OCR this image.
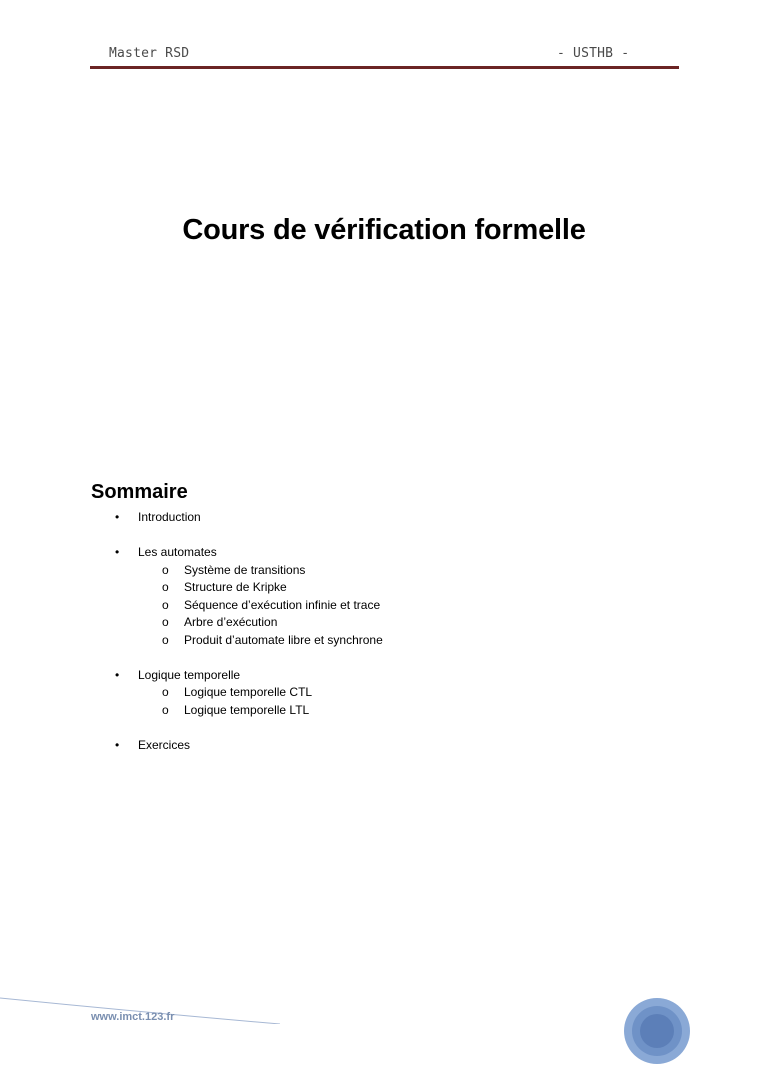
Master RSD	- USTHB -
Cours de vérification formelle
Sommaire
• Introduction
• Les automates
o Système de transitions
o Structure de Kripke
o Séquence d’exécution infinie et trace
o Arbre d’exécution
o Produit d’automate libre et synchrone
• Logique temporelle
o Logique temporelle CTL
o Logique temporelle LTL
• Exercices
www.imct.123.fr
